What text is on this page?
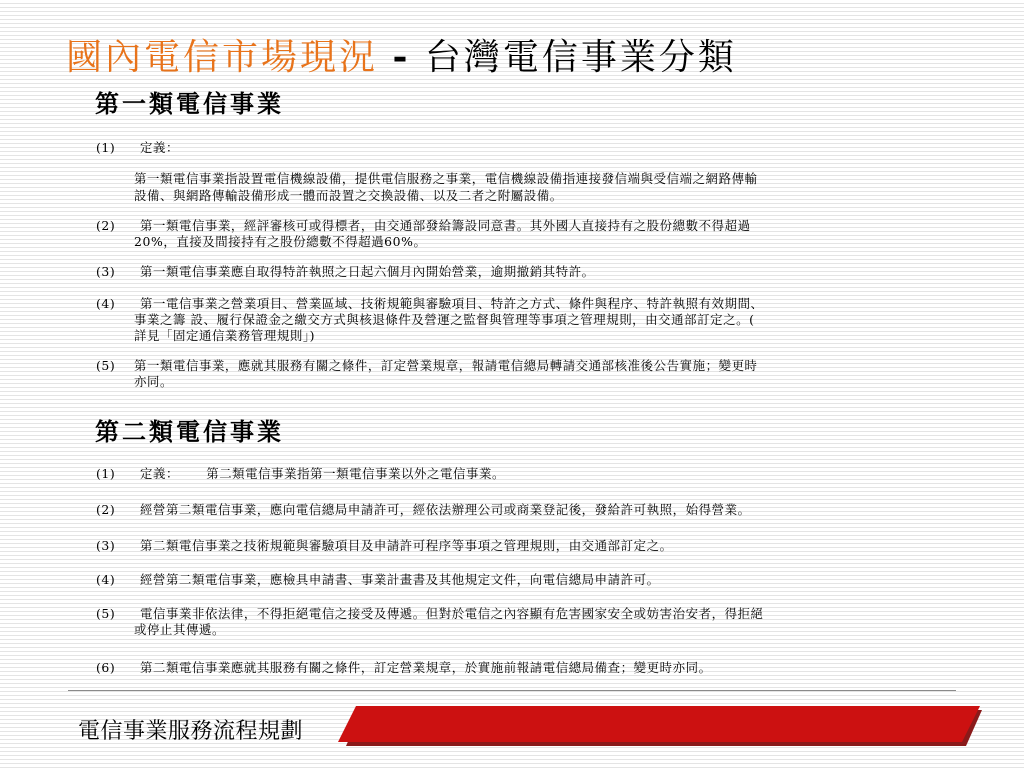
國內電信市場現況 - 台灣電信事業分類
第一類電信事業
(1) 定義：
第一類電信事業指設置電信機線設備，提供電信服務之事業，電信機線設備指連接發信端與受信端之網路傳輸
設備、與網路傳輸設備形成一體而設置之交換設備、以及二者之附屬設備。
(2) 第一類電信事業，經評審核可或得標者，由交通部發給籌設同意書。其外國人直接持有之股份總數不得超過
20%，直接及間接持有之股份總數不得超過60%。
(3) 第一類電信事業應自取得特許執照之日起六個月內開始營業，逾期撤銷其特許。
(4) 第一電信事業之營業項目、營業區域、技術規範與審驗項目、特許之方式、條件與程序、特許執照有效期間、
事業之籌 設、履行保證金之繳交方式與核退條件及營運之監督與管理等事項之管理規則，由交通部訂定之。(
詳見「固定通信業務管理規則」)
(5) 第一類電信事業，應就其服務有關之條件，訂定營業規章，報請電信總局轉請交通部核准後公告實施；變更時
亦同。
第二類電信事業
(1) 定義：      第二類電信事業指第一類電信事業以外之電信事業。
(2) 經營第二類電信事業，應向電信總局申請許可，經依法辦理公司或商業登記後，發給許可執照，始得營業。
(3) 第二類電信事業之技術規範與審驗項目及申請許可程序等事項之管理規則，由交通部訂定之。
(4) 經營第二類電信事業，應檢具申請書、事業計畫書及其他規定文件，向電信總局申請許可。
(5) 電信事業非依法律，不得拒絕電信之接受及傳遞。但對於電信之內容顯有危害國家安全或妨害治安者，得拒絕
或停止其傳遞。
(6) 第二類電信事業應就其服務有關之條件，訂定營業規章，於實施前報請電信總局備查；變更時亦同。
電信事業服務流程規劃
